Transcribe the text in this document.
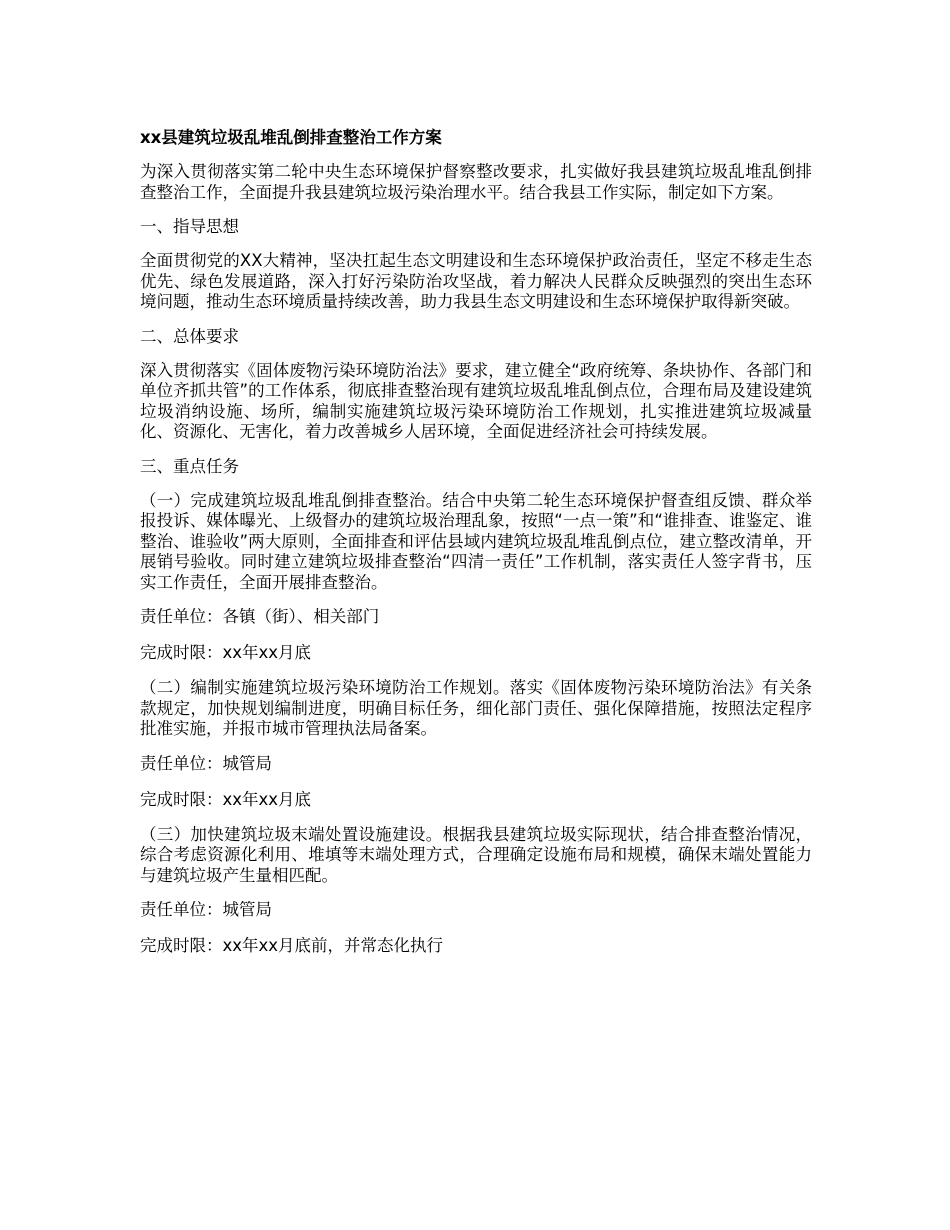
xx县建筑垃圾乱堆乱倒排查整治工作方案

为深入贯彻落实第二轮中央生态环境保护督察整改要求，扎实做好我县建筑垃圾乱堆乱倒排查整治工作，全面提升我县建筑垃圾污染治理水平。结合我县工作实际，制定如下方案。

一、指导思想

全面贯彻党的XX大精神，坚决扛起生态文明建设和生态环境保护政治责任，坚定不移走生态优先、绿色发展道路，深入打好污染防治攻坚战，着力解决人民群众反映强烈的突出生态环境问题，推动生态环境质量持续改善，助力我县生态文明建设和生态环境保护取得新突破。

二、总体要求

深入贯彻落实《固体废物污染环境防治法》要求，建立健全“政府统筹、条块协作、各部门和单位齐抓共管”的工作体系，彻底排查整治现有建筑垃圾乱堆乱倒点位，合理布局及建设建筑垃圾消纳设施、场所，编制实施建筑垃圾污染环境防治工作规划，扎实推进建筑垃圾减量化、资源化、无害化，着力改善城乡人居环境，全面促进经济社会可持续发展。

三、重点任务

（一）完成建筑垃圾乱堆乱倒排查整治。结合中央第二轮生态环境保护督查组反馈、群众举报投诉、媒体曝光、上级督办的建筑垃圾治理乱象，按照“一点一策”和“谁排查、谁鉴定、谁整治、谁验收”两大原则，全面排查和评估县域内建筑垃圾乱堆乱倒点位，建立整改清单，开展销号验收。同时建立建筑垃圾排查整治“四清一责任”工作机制，落实责任人签字背书，压实工作责任，全面开展排查整治。

责任单位：各镇（街）、相关部门
完成时限：xx年xx月底

（二）编制实施建筑垃圾污染环境防治工作规划。落实《固体废物污染环境防治法》有关条款规定，加快规划编制进度，明确目标任务，细化部门责任、强化保障措施，按照法定程序批准实施，并报市城市管理执法局备案。

责任单位：城管局
完成时限：xx年xx月底

（三）加快建筑垃圾末端处置设施建设。根据我县建筑垃圾实际现状，结合排查整治情况，综合考虑资源化利用、堆填等末端处理方式，合理确定设施布局和规模，确保末端处置能力与建筑垃圾产生量相匹配。

责任单位：城管局
完成时限：xx年xx月底前，并常态化执行
